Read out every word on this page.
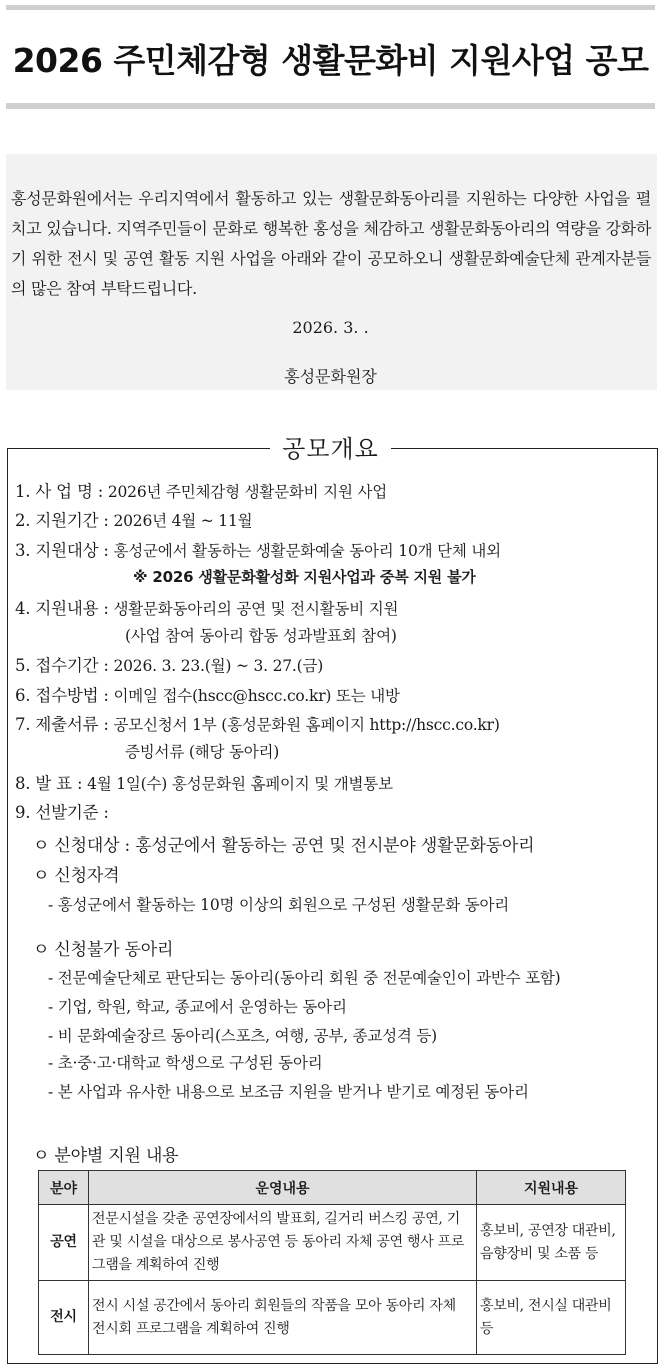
2026 주민체감형 생활문화비 지원사업 공모
홍성문화원에서는 우리지역에서 활동하고 있는 생활문화동아리를 지원하는 다양한 사업을 펼치고 있습니다. 지역주민들이 문화로 행복한 홍성을 체감하고 생활문화동아리의 역량을 강화하기 위한 전시 및 공연 활동 지원 사업을 아래와 같이 공모하오니 생활문화예술단체 관계자분들의 많은 참여 부탁드립니다.
2026. 3. .
홍성문화원장
공모개요
1. 사 업 명 : 2026년 주민체감형 생활문화비 지원 사업
2. 지원기간 : 2026년 4월 ~ 11월
3. 지원대상 : 홍성군에서 활동하는 생활문화예술 동아리 10개 단체 내외
※ 2026 생활문화활성화 지원사업과 중복 지원 불가
4. 지원내용 : 생활문화동아리의 공연 및 전시활동비 지원
(사업 참여 동아리 합동 성과발표회 참여)
5. 접수기간 : 2026. 3. 23.(월) ~ 3. 27.(금)
6. 접수방법 : 이메일 접수(hscc@hscc.co.kr) 또는 내방
7. 제출서류 : 공모신청서 1부 (홍성문화원 홈페이지 http://hscc.co.kr)
증빙서류 (해당 동아리)
8. 발 표 : 4월 1일(수) 홍성문화원 홈페이지 및 개별통보
9. 선발기준 :
ㅇ 신청대상 : 홍성군에서 활동하는 공연 및 전시분야 생활문화동아리
ㅇ 신청자격
- 홍성군에서 활동하는 10명 이상의 회원으로 구성된 생활문화 동아리
ㅇ 신청불가 동아리
- 전문예술단체로 판단되는 동아리(동아리 회원 중 전문예술인이 과반수 포함)
- 기업, 학원, 학교, 종교에서 운영하는 동아리
- 비 문화예술장르 동아리(스포츠, 여행, 공부, 종교성격 등)
- 초·중·고·대학교 학생으로 구성된 동아리
- 본 사업과 유사한 내용으로 보조금 지원을 받거나 받기로 예정된 동아리
ㅇ 분야별 지원 내용
분야	운영내용	지원내용
공연	전문시설을 갖춘 공연장에서의 발표회, 길거리 버스킹 공연, 기관 및 시설을 대상으로 봉사공연 등 동아리 자체 공연 행사 프로그램을 계획하여 진행	홍보비, 공연장 대관비, 음향장비 및 소품 등
전시	전시 시설 공간에서 동아리 회원들의 작품을 모아 동아리 자체 전시회 프로그램을 계획하여 진행	홍보비, 전시실 대관비 등
